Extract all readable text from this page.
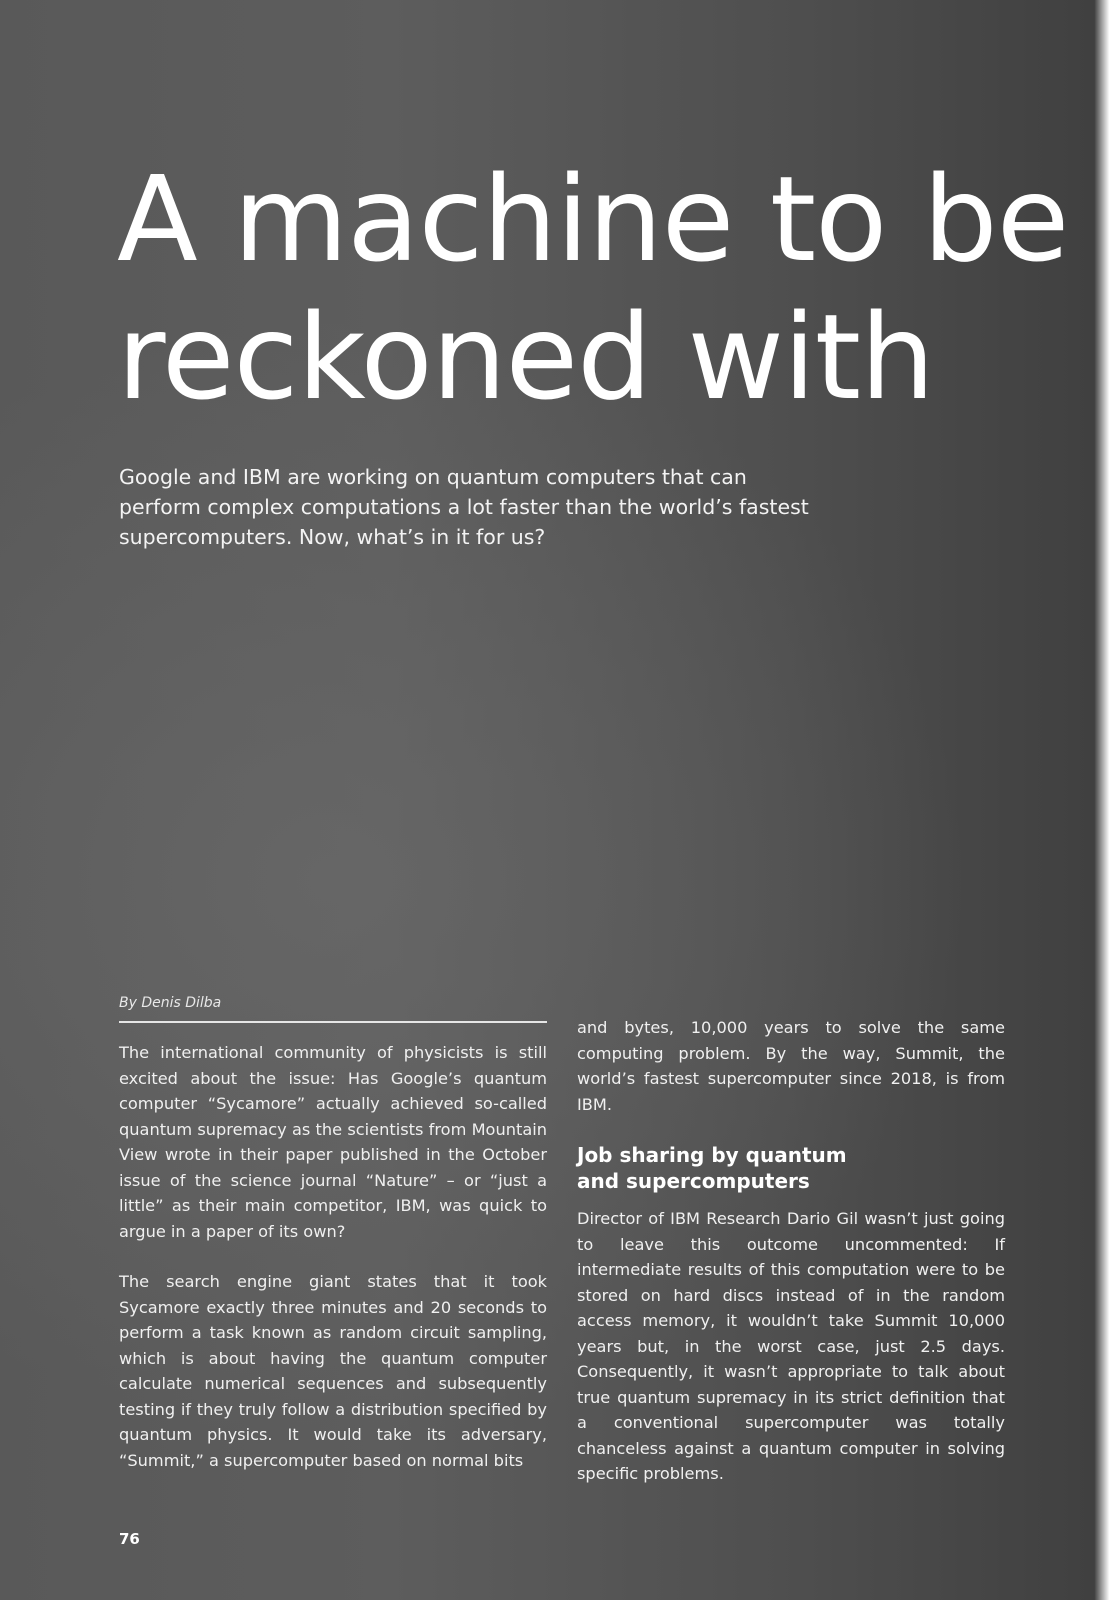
A machine to be
reckoned with

Google and IBM are working on quantum computers that can
perform complex computations a lot faster than the world’s fastest
supercomputers. Now, what’s in it for us?

By Denis Dilba

The international community of physicists is still excited about the issue: Has Google’s quantum computer “Sycamore” actually achieved so-called quantum supremacy as the scientists from Mountain View wrote in their paper published in the October issue of the science journal “Nature” – or “just a little” as their main competitor, IBM, was quick to argue in a paper of its own?

The search engine giant states that it took Sycamore exactly three minutes and 20 seconds to perform a task known as random circuit sampling, which is about having the quantum computer calculate numerical sequences and subsequently testing if they truly follow a distribution specified by quantum physics. It would take its adversary, “Summit,” a supercomputer based on normal bits

and bytes, 10,000 years to solve the same computing problem. By the way, Summit, the world’s fastest supercomputer since 2018, is from IBM.

Job sharing by quantum
and supercomputers

Director of IBM Research Dario Gil wasn’t just going to leave this outcome uncommented: If intermediate results of this computation were to be stored on hard discs instead of in the random access memory, it wouldn’t take Summit 10,000 years but, in the worst case, just 2.5 days. Consequently, it wasn’t appropriate to talk about true quantum supremacy in its strict definition that a conventional supercomputer was totally chanceless against a quantum computer in solving specific problems.

76
